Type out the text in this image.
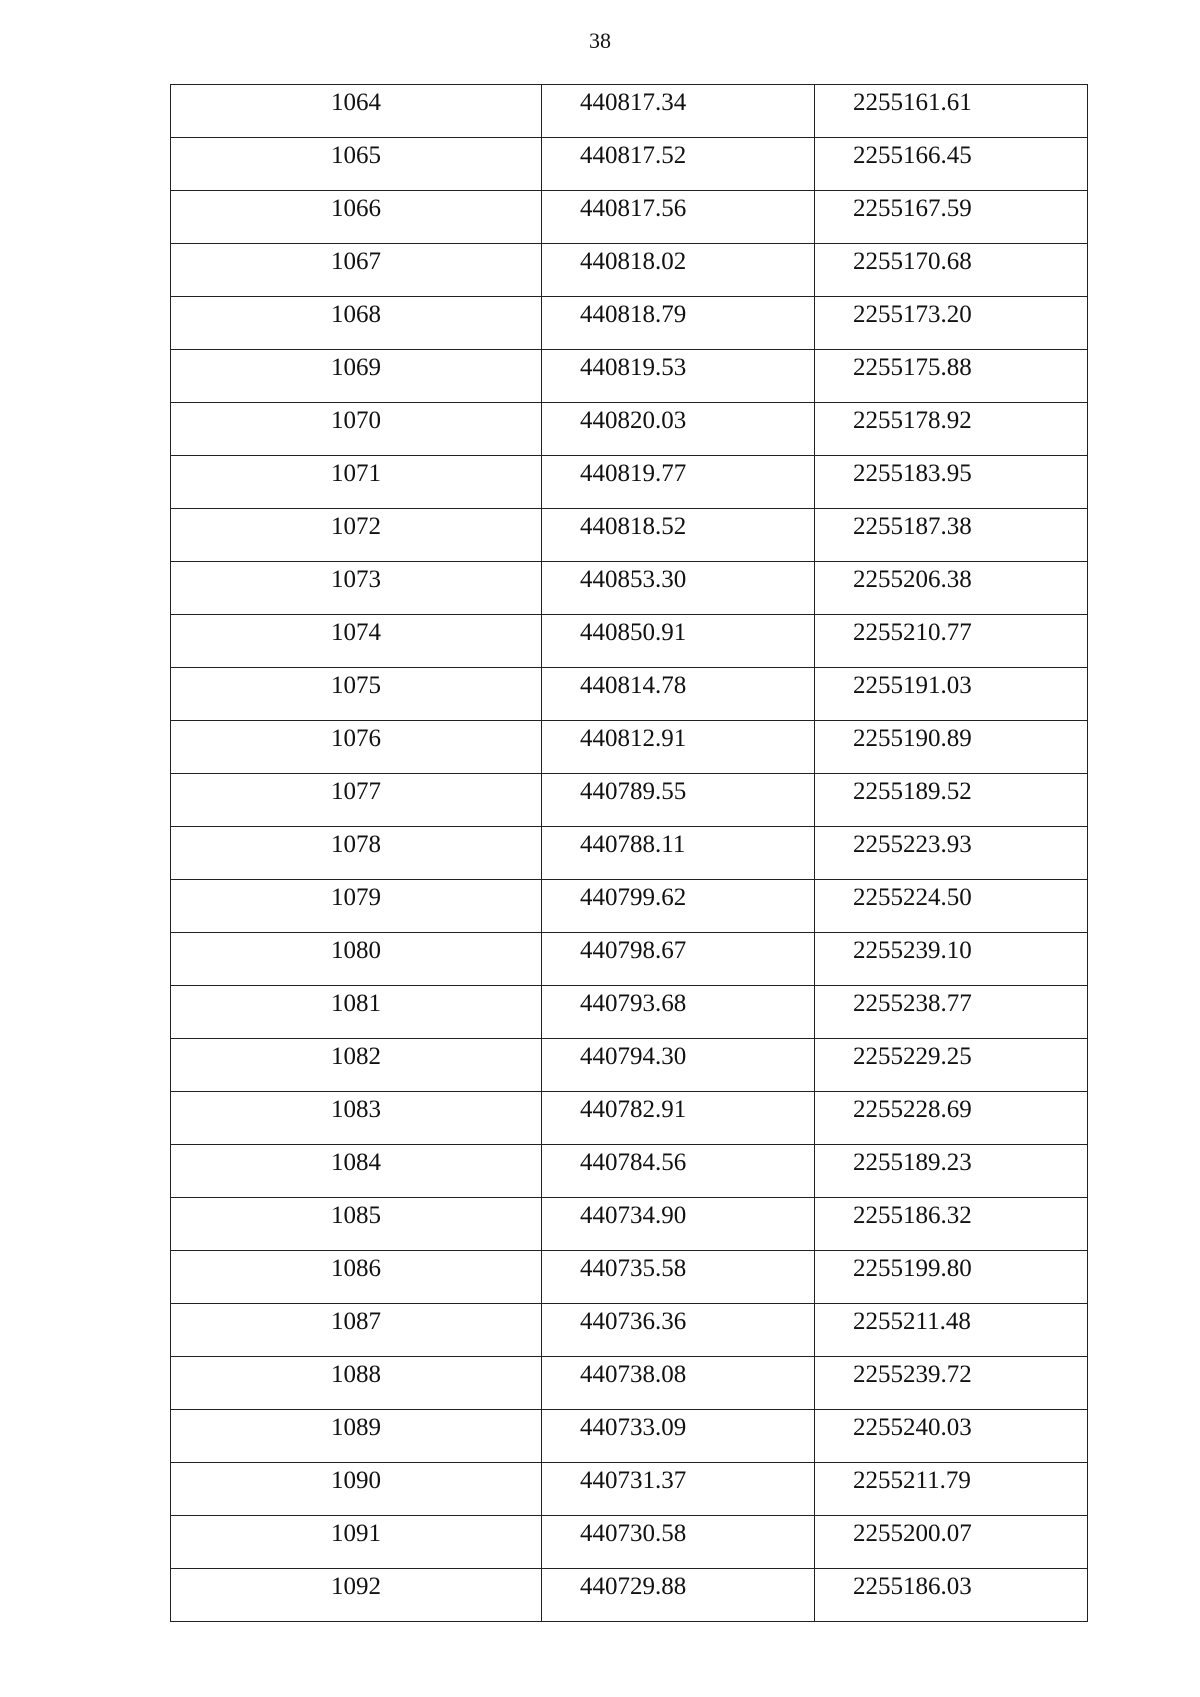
38
1064	440817.34	2255161.61

1065	440817.52	2255166.45

1066	440817.56	2255167.59

1067	440818.02	2255170.68

1068	440818.79	2255173.20

1069	440819.53	2255175.88

1070	440820.03	2255178.92

1071	440819.77	2255183.95

1072	440818.52	2255187.38

1073	440853.30	2255206.38

1074	440850.91	2255210.77

1075	440814.78	2255191.03

1076	440812.91	2255190.89

1077	440789.55	2255189.52

1078	440788.11	2255223.93

1079	440799.62	2255224.50

1080	440798.67	2255239.10

1081	440793.68	2255238.77

1082	440794.30	2255229.25

1083	440782.91	2255228.69

1084	440784.56	2255189.23

1085	440734.90	2255186.32

1086	440735.58	2255199.80

1087	440736.36	2255211.48

1088	440738.08	2255239.72

1089	440733.09	2255240.03

1090	440731.37	2255211.79

1091	440730.58	2255200.07

1092	440729.88	2255186.03
